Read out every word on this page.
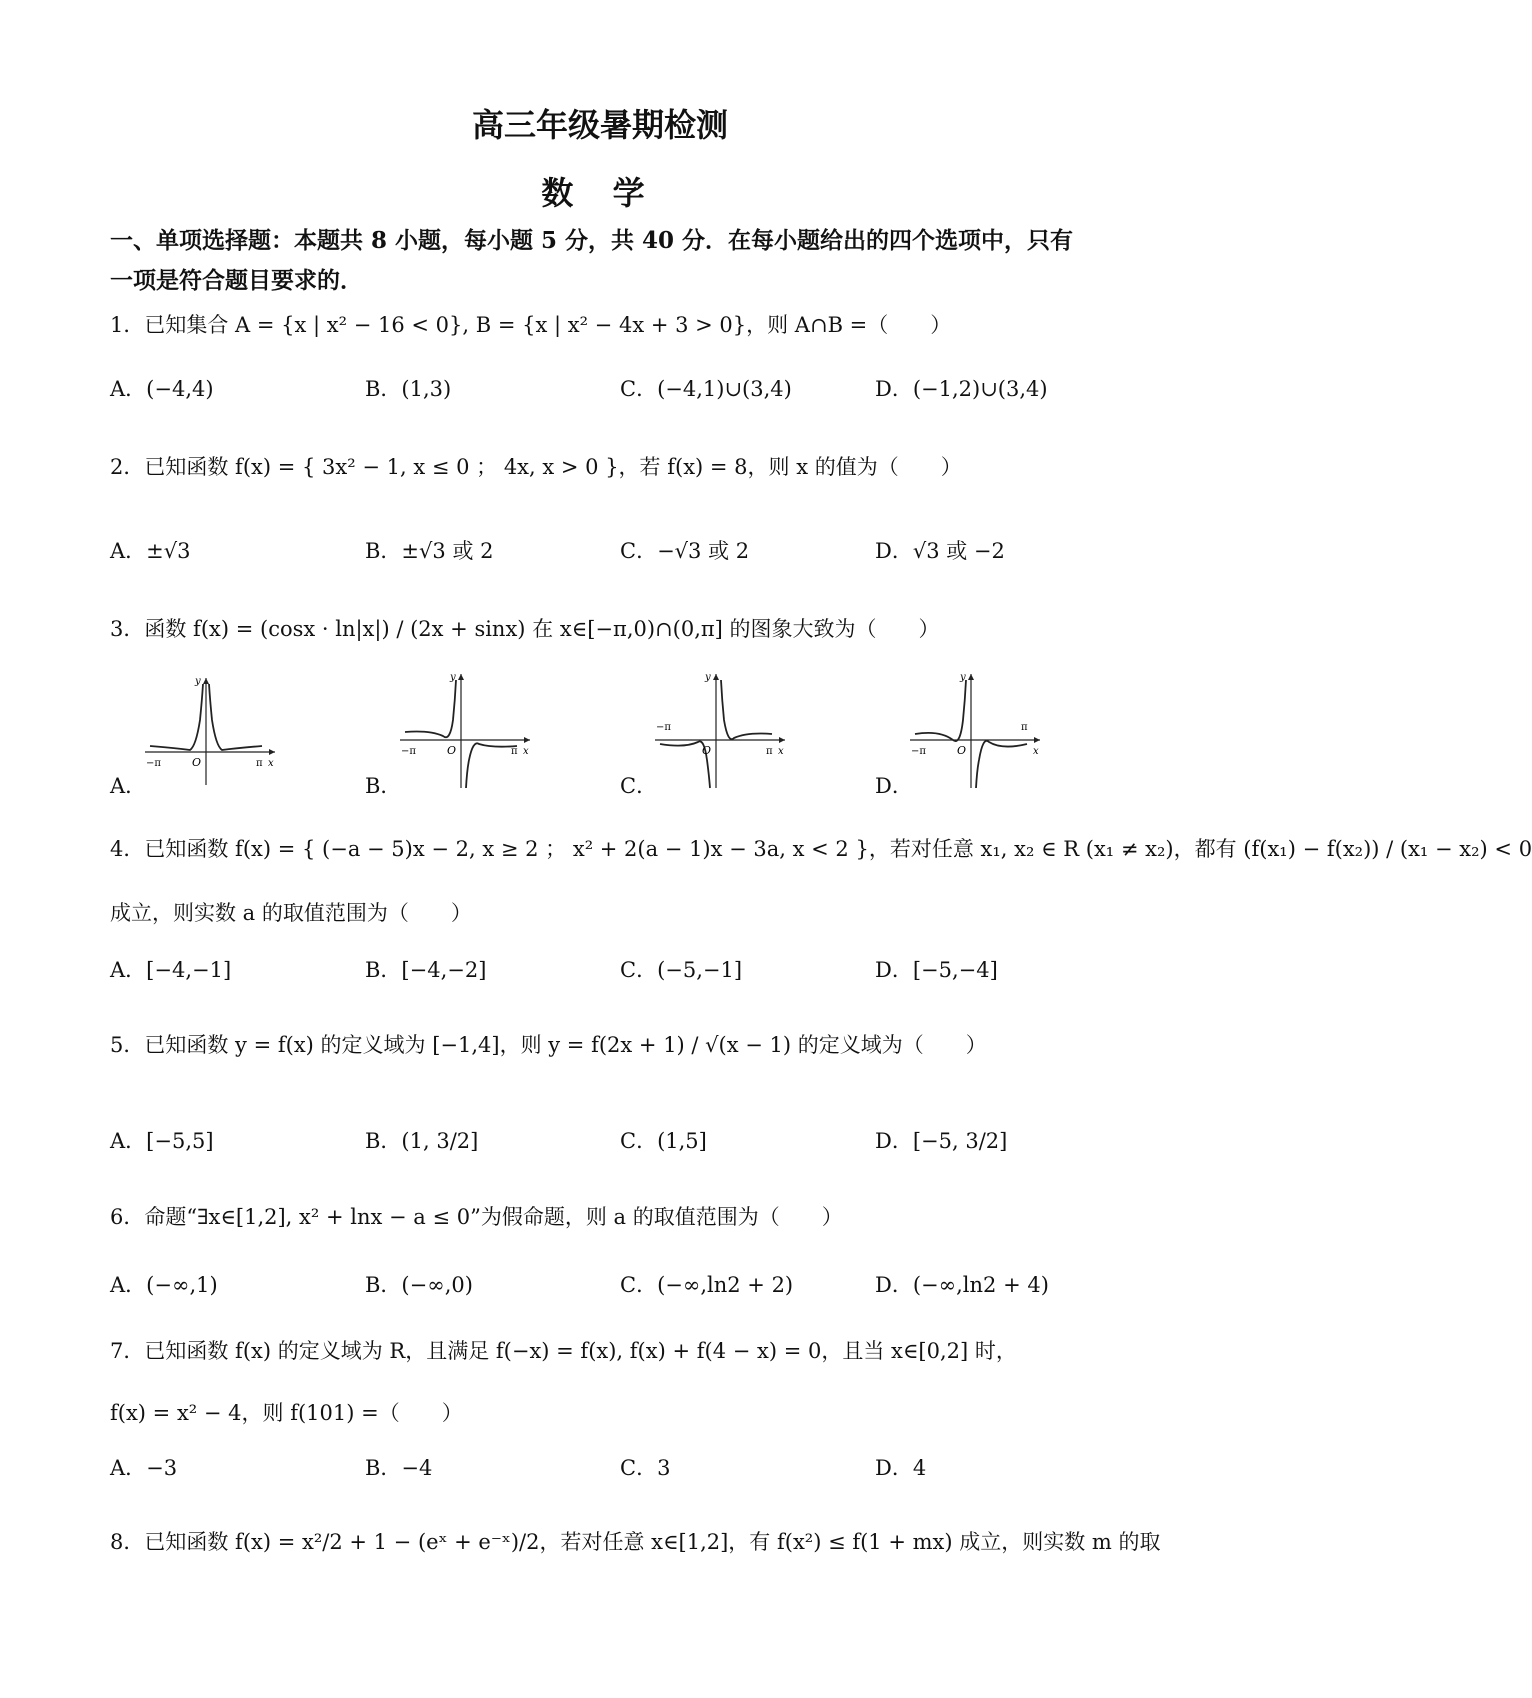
高三年级暑期检测
数 学
一、单项选择题：本题共 8 小题，每小题 5 分，共 40 分．在每小题给出的四个选项中，只有
一项是符合题目要求的．
1．已知集合 A = {x | x² − 16 < 0}, B = {x | x² − 4x + 3 > 0}，则 A∩B =（　　）
A．(−4,4)	B．(1,3)	C．(−4,1)∪(3,4)	D．(−1,2)∪(3,4)
2．已知函数 f(x) = { 3x² − 1, x ≤ 0 ； 4x, x > 0 }，若 f(x) = 8，则 x 的值为（　　）
A．±√3	B．±√3 或 2	C．−√3 或 2	D．√3 或 −2
3．函数 f(x) = (cosx · ln|x|) / (2x + sinx) 在 x∈[−π,0)∩(0,π] 的图象大致为（　　）
A．
−π	O	π x
y
B．
−π	O	π x
y
C．
−π
O	π x
y
D．
−π	O
π
x
y
4．已知函数 f(x) = { (−a − 5)x − 2, x ≥ 2 ； x² + 2(a − 1)x − 3a, x < 2 }，若对任意 x₁, x₂ ∈ R (x₁ ≠ x₂)，都有 (f(x₁) − f(x₂)) / (x₁ − x₂) < 0
成立，则实数 a 的取值范围为（　　）
A．[−4,−1]	B．[−4,−2]	C．(−5,−1]	D．[−5,−4]
5．已知函数 y = f(x) 的定义域为 [−1,4]，则 y = f(2x + 1) / √(x − 1) 的定义域为（　　）
A．[−5,5]	B．(1, 3/2]	C．(1,5]	D．[−5, 3/2]
6．命题“∃x∈[1,2], x² + lnx − a ≤ 0”为假命题，则 a 的取值范围为（　　）
A．(−∞,1)	B．(−∞,0)	C．(−∞,ln2 + 2)	D．(−∞,ln2 + 4)
7．已知函数 f(x) 的定义域为 R，且满足 f(−x) = f(x), f(x) + f(4 − x) = 0，且当 x∈[0,2] 时，
f(x) = x² − 4，则 f(101) =（　　）
A．−3	B．−4	C．3	D．4
8．已知函数 f(x) = x²/2 + 1 − (eˣ + e⁻ˣ)/2，若对任意 x∈[1,2]，有 f(x²) ≤ f(1 + mx) 成立，则实数 m 的取
